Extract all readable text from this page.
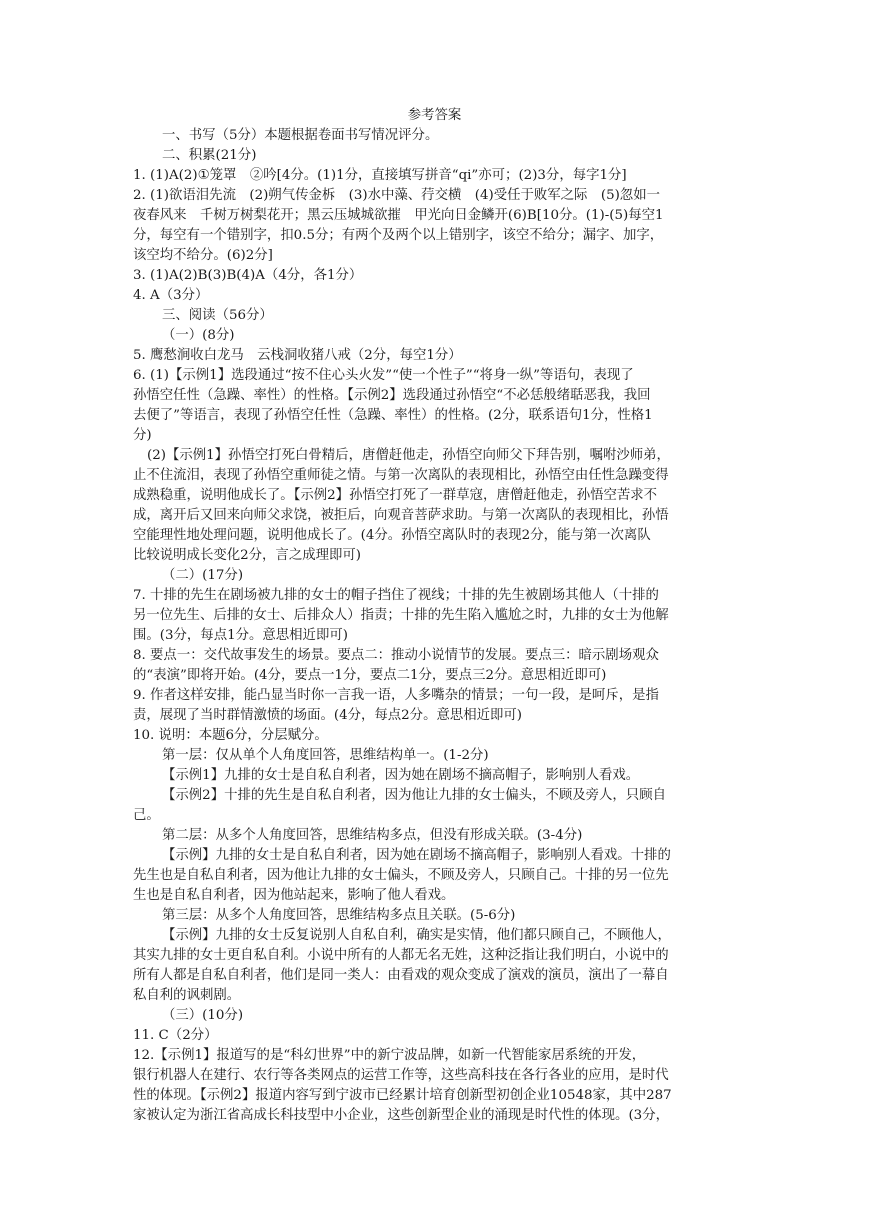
参考答案
一、书写（5分）本题根据卷面书写情况评分。
二、积累(21分)
1. (1)A(2)①笼罩　②吟[4分。(1)1分，直接填写拼音“qi”亦可；(2)3分，每字1分]
2. (1)欲语泪先流　(2)朔气传金柝　(3)水中藻、荇交横　(4)受任于败军之际　(5)忽如一
夜春风来　千树万树梨花开；黑云压城城欲摧　甲光向日金鳞开(6)B[10分。(1)-(5)每空1
分，每空有一个错别字，扣0.5分；有两个及两个以上错别字，该空不给分；漏字、加字，
该空均不给分。(6)2分]
3. (1)A(2)B(3)B(4)A（4分，各1分）
4. A（3分）
三、阅读（56分）
（一）(8分)
5. 鹰愁涧收白龙马　云栈洞收猪八戒（2分，每空1分）
6. (1)【示例1】选段通过“按不住心头火发”“使一个性子”“将身一纵”等语句，表现了
孙悟空任性（急躁、率性）的性格。【示例2】选段通过孙悟空“不必恁般绪聒恶我，我回
去便了”等语言，表现了孙悟空任性（急躁、率性）的性格。(2分，联系语句1分，性格1
分)
(2)【示例1】孙悟空打死白骨精后，唐僧赶他走，孙悟空向师父下拜告别，嘱咐沙师弟，
止不住流泪，表现了孙悟空重师徒之情。与第一次离队的表现相比，孙悟空由任性急躁变得
成熟稳重，说明他成长了。【示例2】孙悟空打死了一群草寇，唐僧赶他走，孙悟空苦求不
成，离开后又回来向师父求饶，被拒后，向观音菩萨求助。与第一次离队的表现相比，孙悟
空能理性地处理问题，说明他成长了。(4分。孙悟空离队时的表现2分，能与第一次离队
比较说明成长变化2分，言之成理即可)
（二）(17分)
7. 十排的先生在剧场被九排的女士的帽子挡住了视线；十排的先生被剧场其他人（十排的
另一位先生、后排的女士、后排众人）指责；十排的先生陷入尴尬之时，九排的女士为他解
围。(3分，每点1分。意思相近即可)
8. 要点一：交代故事发生的场景。要点二：推动小说情节的发展。要点三：暗示剧场观众
的“表演”即将开始。(4分，要点一1分，要点二1分，要点三2分。意思相近即可)
9. 作者这样安排，能凸显当时你一言我一语，人多嘴杂的情景；一句一段，是呵斥，是指
责，展现了当时群情激愤的场面。(4分，每点2分。意思相近即可)
10. 说明：本题6分，分层赋分。
第一层：仅从单个人角度回答，思维结构单一。(1-2分)
【示例1】九排的女士是自私自利者，因为她在剧场不摘高帽子，影响别人看戏。
【示例2】十排的先生是自私自利者，因为他让九排的女士偏头，不顾及旁人，只顾自
己。
第二层：从多个人角度回答，思维结构多点，但没有形成关联。(3-4分)
【示例】九排的女士是自私自利者，因为她在剧场不摘高帽子，影响别人看戏。十排的
先生也是自私自利者，因为他让九排的女士偏头，不顾及旁人，只顾自己。十排的另一位先
生也是自私自利者，因为他站起来，影响了他人看戏。
第三层：从多个人角度回答，思维结构多点且关联。(5-6分)
【示例】九排的女士反复说别人自私自利，确实是实情，他们都只顾自己，不顾他人，
其实九排的女士更自私自利。小说中所有的人都无名无姓，这种泛指让我们明白，小说中的
所有人都是自私自利者，他们是同一类人：由看戏的观众变成了演戏的演员，演出了一幕自
私自利的讽刺剧。
（三）(10分)
11. C（2分）
12.【示例1】报道写的是“科幻世界”中的新宁波品牌，如新一代智能家居系统的开发，
银行机器人在建行、农行等各类网点的运营工作等，这些高科技在各行各业的应用，是时代
性的体现。【示例2】报道内容写到宁波市已经累计培育创新型初创企业10548家，其中287
家被认定为浙江省高成长科技型中小企业，这些创新型企业的涌现是时代性的体现。(3分，
